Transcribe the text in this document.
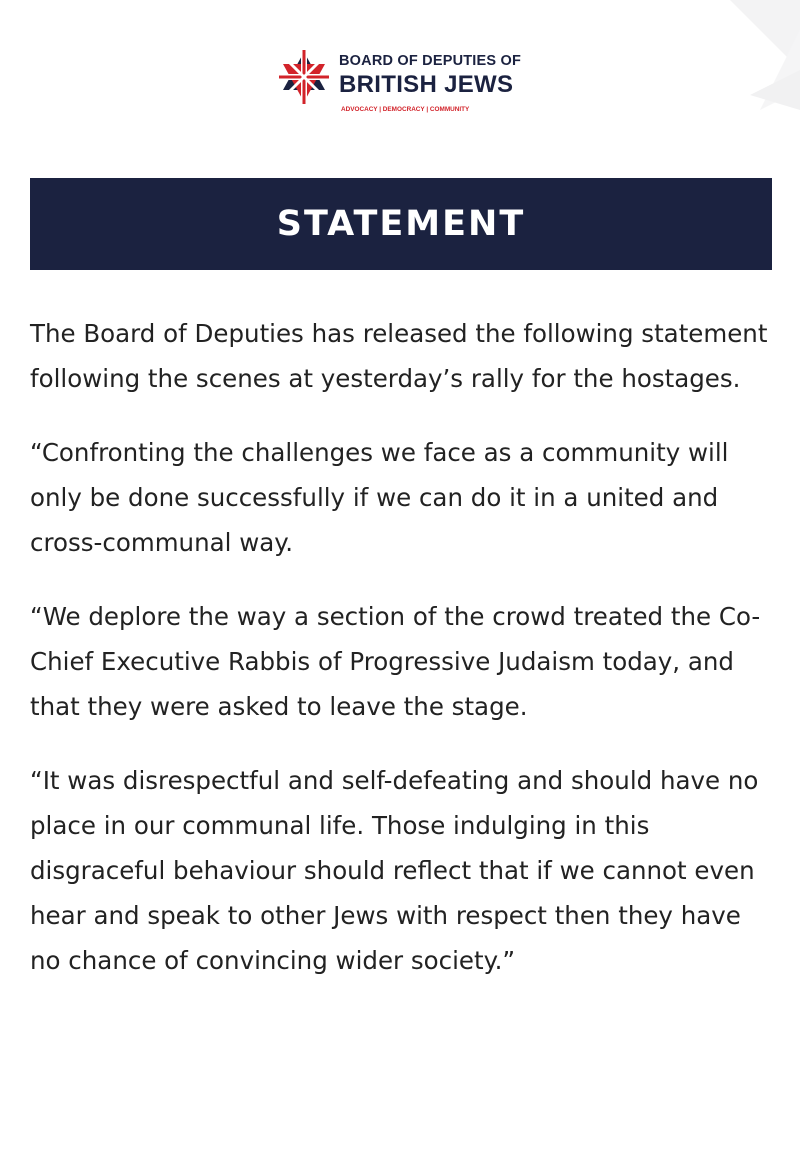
BOARD OF DEPUTIES OF
BRITISH JEWS
ADVOCACY | DEMOCRACY | COMMUNITY
STATEMENT

The Board of Deputies has released the following statement following the scenes at yesterday’s rally for the hostages.

“Confronting the challenges we face as a community will only be done successfully if we can do it in a united and cross-communal way.

“We deplore the way a section of the crowd treated the Co-Chief Executive Rabbis of Progressive Judaism today, and that they were asked to leave the stage.

“It was disrespectful and self-defeating and should have no place in our communal life. Those indulging in this disgraceful behaviour should reflect that if we cannot even hear and speak to other Jews with respect then they have no chance of convincing wider society.”
